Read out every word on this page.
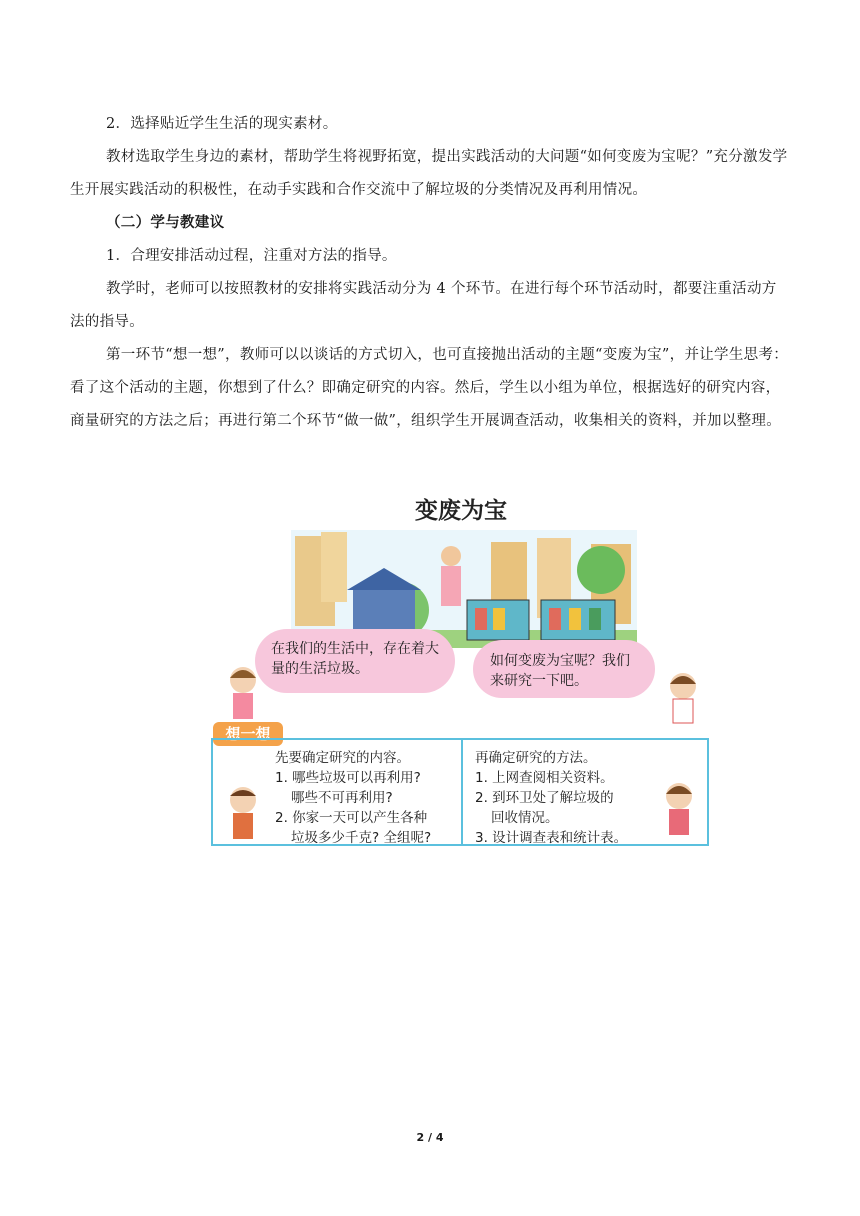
2．选择贴近学生生活的现实素材。

教材选取学生身边的素材，帮助学生将视野拓宽，提出实践活动的大问题“如何变废为宝呢？”充分激发学生开展实践活动的积极性，在动手实践和合作交流中了解垃圾的分类情况及再利用情况。

（二）学与教建议

1．合理安排活动过程，注重对方法的指导。

教学时，老师可以按照教材的安排将实践活动分为 4 个环节。在进行每个环节活动时，都要注重活动方法的指导。

第一环节“想一想”，教师可以以谈话的方式切入，也可直接抛出活动的主题“变废为宝”，并让学生思考：看了这个活动的主题，你想到了什么？即确定研究的内容。然后，学生以小组为单位，根据选好的研究内容，商量研究的方法之后；再进行第二个环节“做一做”，组织学生开展调查活动，收集相关的资料，并加以整理。

变废为宝
在我们的生活中，存在着大量的生活垃圾。	如何变废为宝呢？我们来研究一下吧。
想一想

先要确定研究的内容。

1. 哪些垃圾可以再利用?

哪些不可再利用?

2. 你家一天可以产生各种

垃圾多少千克? 全组呢?

再确定研究的方法。

1. 上网查阅相关资料。

2. 到环卫处了解垃圾的

回收情况。

3. 设计调查表和统计表。

2 / 4
